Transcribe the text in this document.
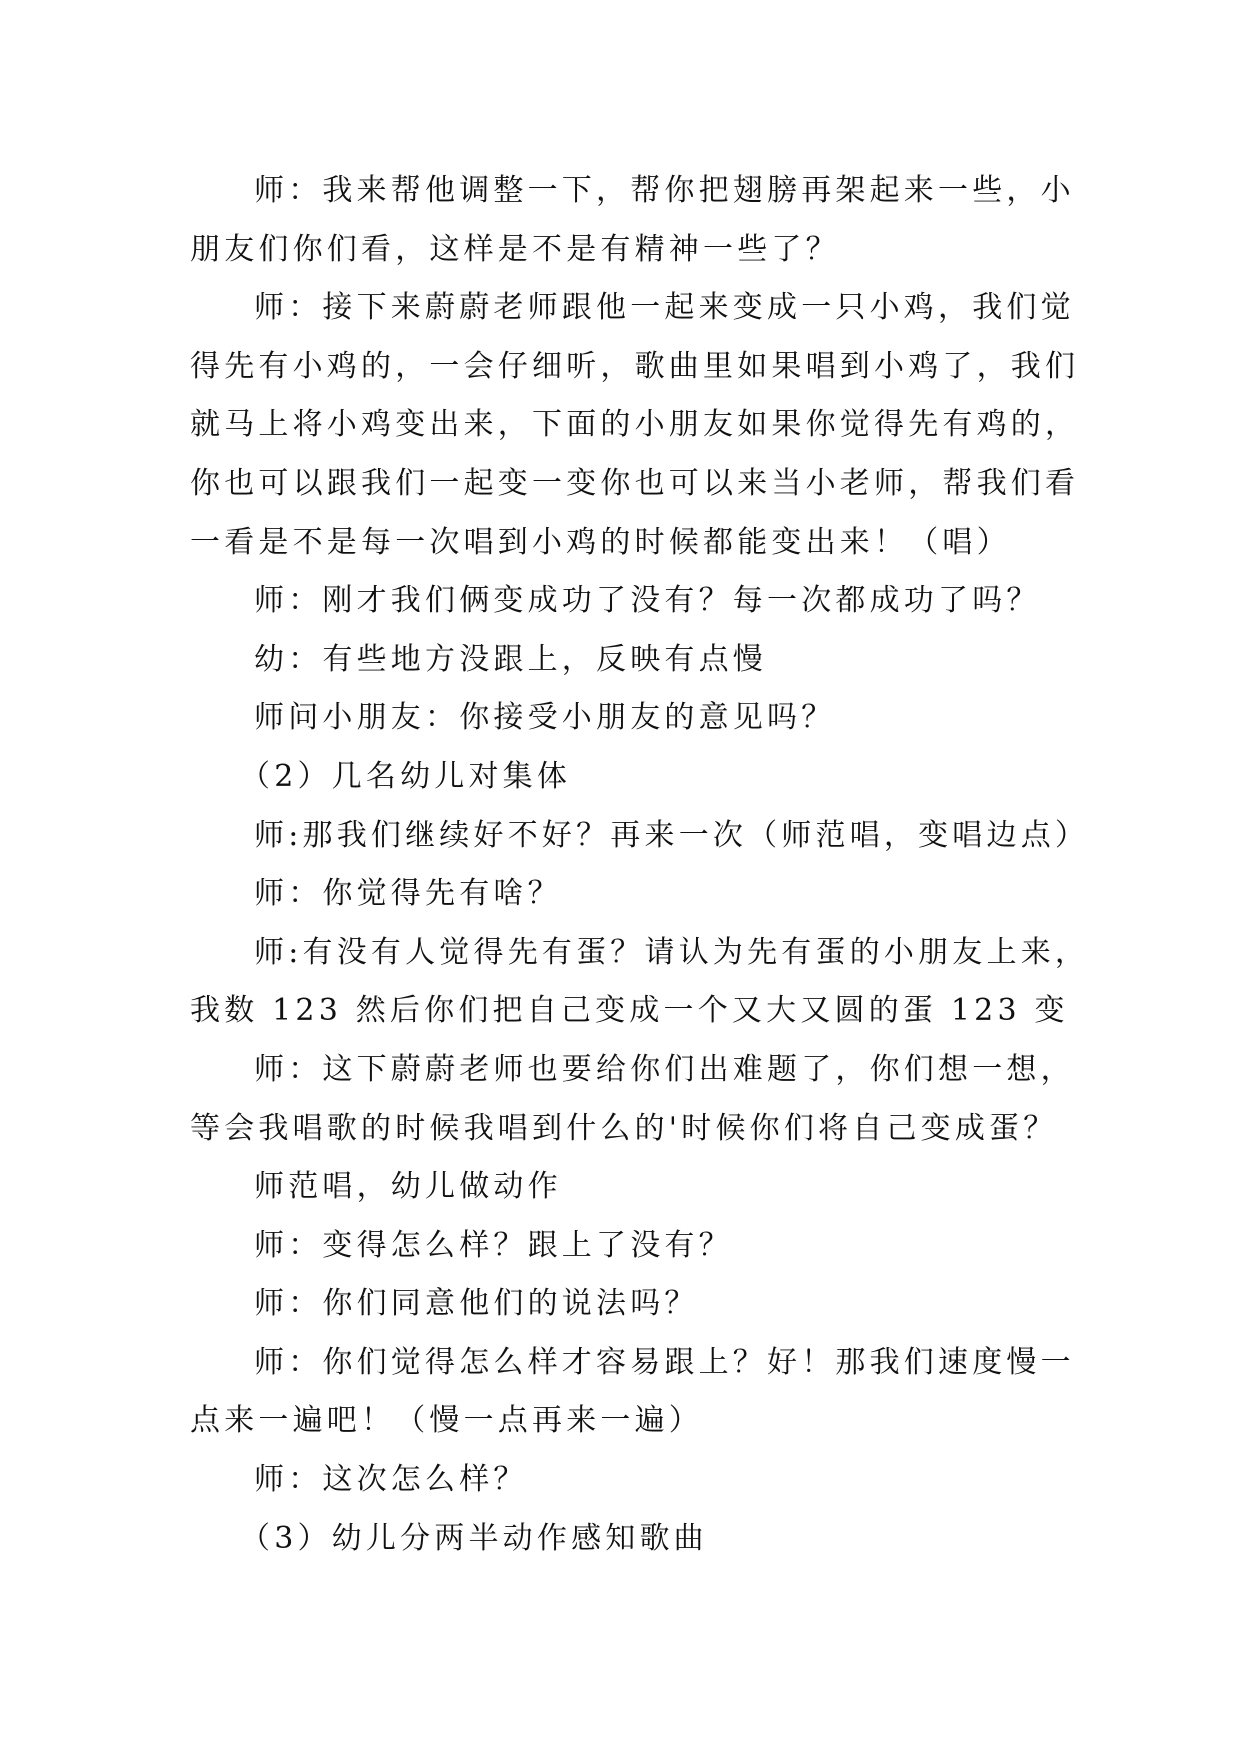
师：我来帮他调整一下，帮你把翅膀再架起来一些，小
朋友们你们看，这样是不是有精神一些了？

师：接下来蔚蔚老师跟他一起来变成一只小鸡，我们觉
得先有小鸡的，一会仔细听，歌曲里如果唱到小鸡了，我们
就马上将小鸡变出来，下面的小朋友如果你觉得先有鸡的，
你也可以跟我们一起变一变你也可以来当小老师，帮我们看
一看是不是每一次唱到小鸡的时候都能变出来！（唱）

师：刚才我们俩变成功了没有？每一次都成功了吗？

幼：有些地方没跟上，反映有点慢

师问小朋友：你接受小朋友的意见吗？

（2）几名幼儿对集体

师:那我们继续好不好？再来一次（师范唱，变唱边点）

师：你觉得先有啥？

师:有没有人觉得先有蛋？请认为先有蛋的小朋友上来，
我数 123 然后你们把自己变成一个又大又圆的蛋 123 变

师：这下蔚蔚老师也要给你们出难题了，你们想一想，
等会我唱歌的时候我唱到什么的'时候你们将自己变成蛋？

师范唱，幼儿做动作

师：变得怎么样？跟上了没有？

师：你们同意他们的说法吗？

师：你们觉得怎么样才容易跟上？好！那我们速度慢一
点来一遍吧！（慢一点再来一遍）

师：这次怎么样？

（3）幼儿分两半动作感知歌曲
